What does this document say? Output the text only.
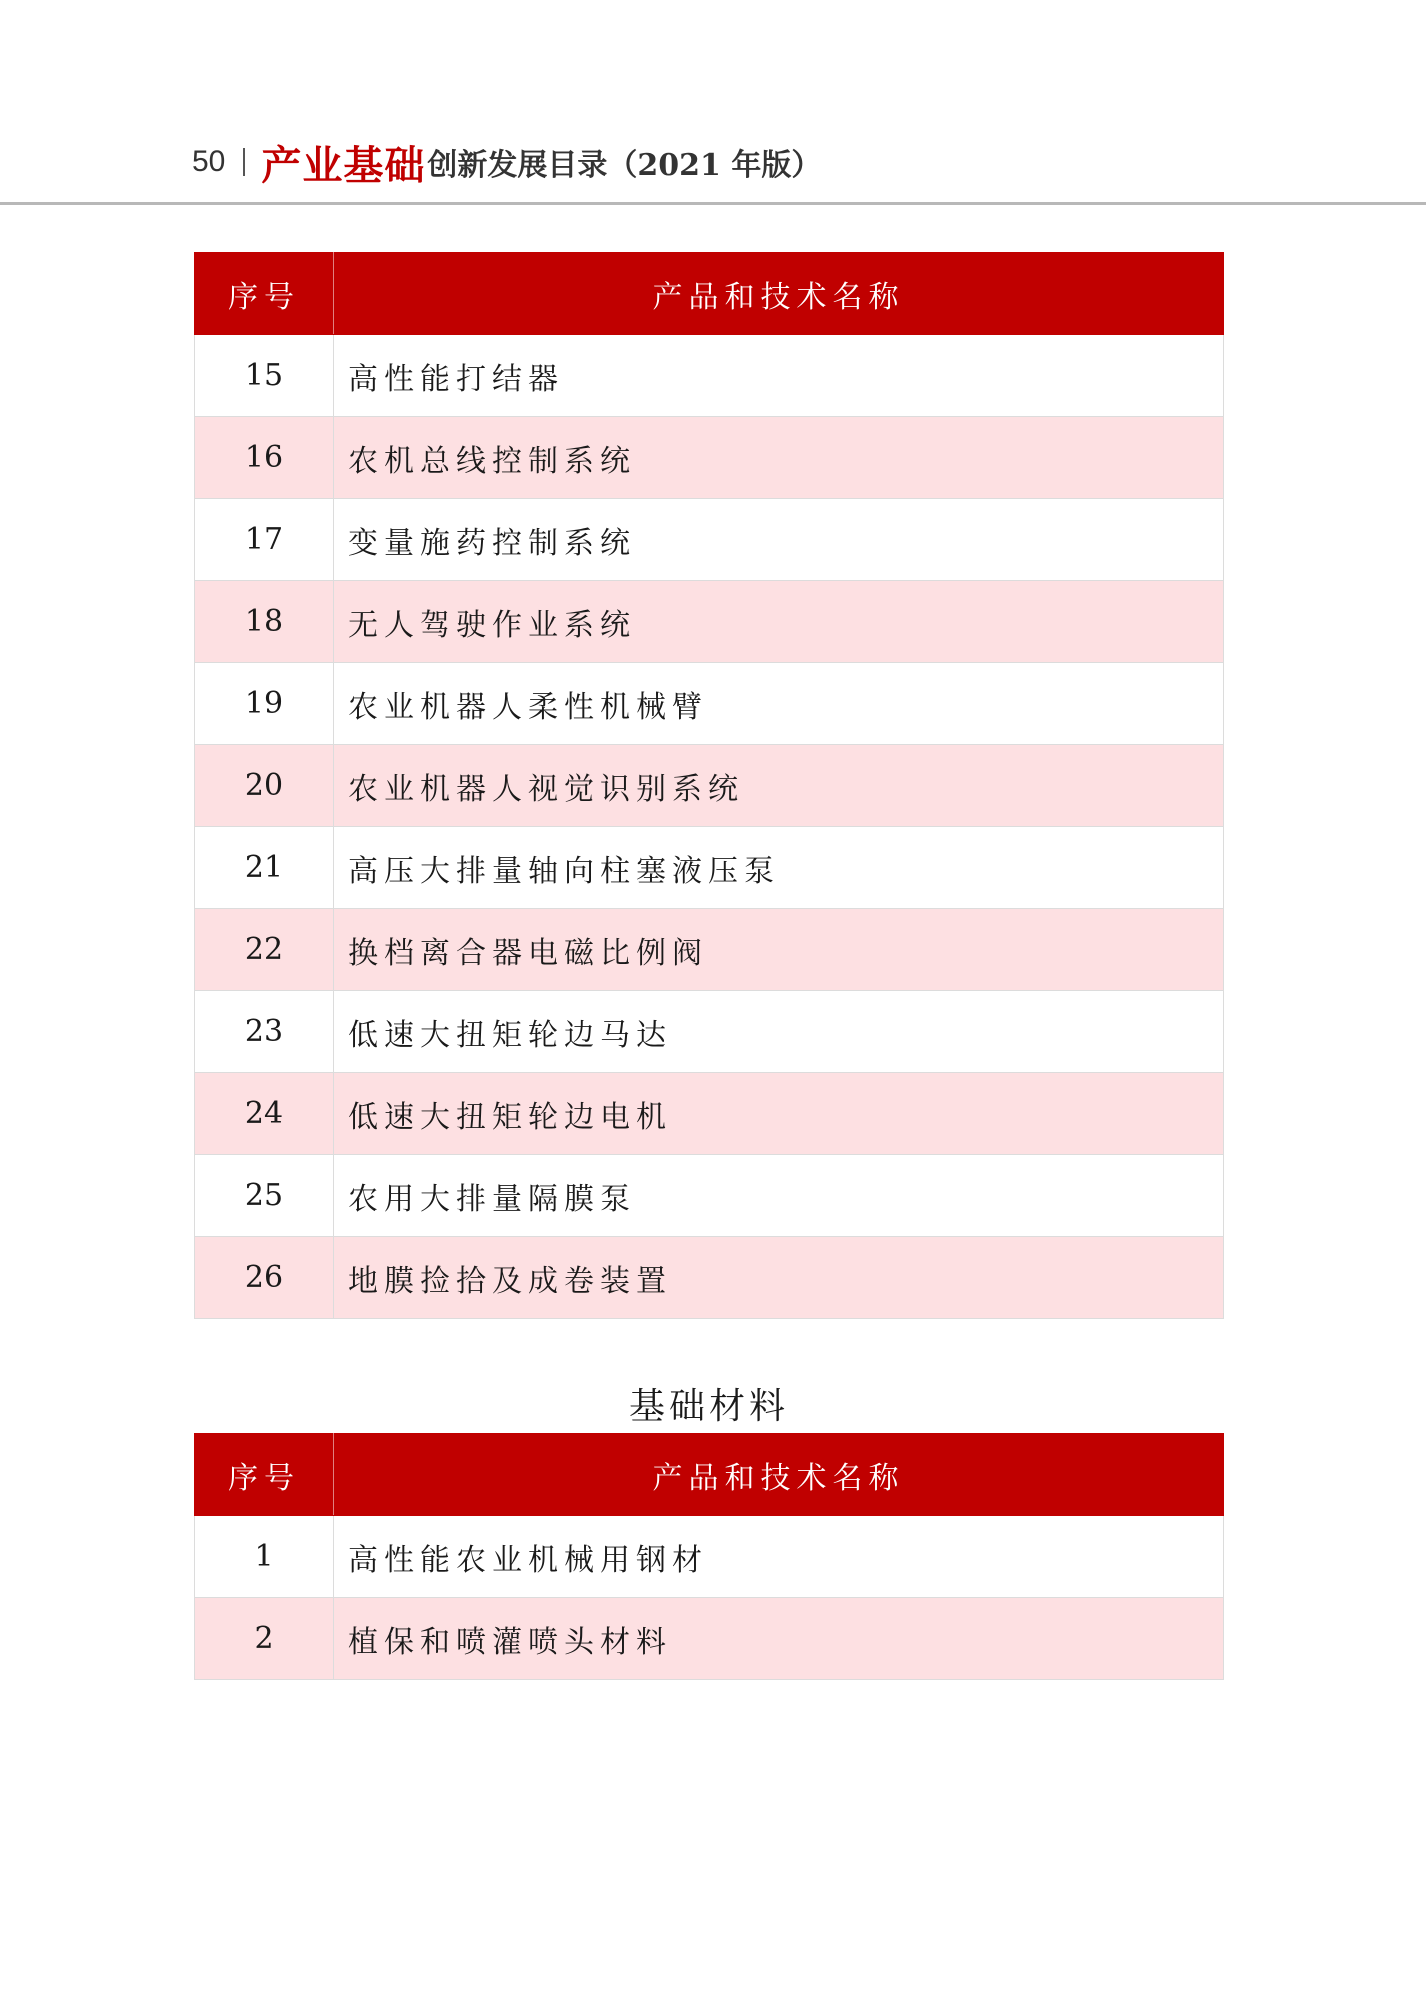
50 产业基础 创新发展目录（2021 年版）
序号	产品和技术名称
15	高性能打结器
16	农机总线控制系统
17	变量施药控制系统
18	无人驾驶作业系统
19	农业机器人柔性机械臂
20	农业机器人视觉识别系统
21	高压大排量轴向柱塞液压泵
22	换档离合器电磁比例阀
23	低速大扭矩轮边马达
24	低速大扭矩轮边电机
25	农用大排量隔膜泵
26	地膜捡拾及成卷装置
基础材料
序号	产品和技术名称
1	高性能农业机械用钢材
2	植保和喷灌喷头材料
